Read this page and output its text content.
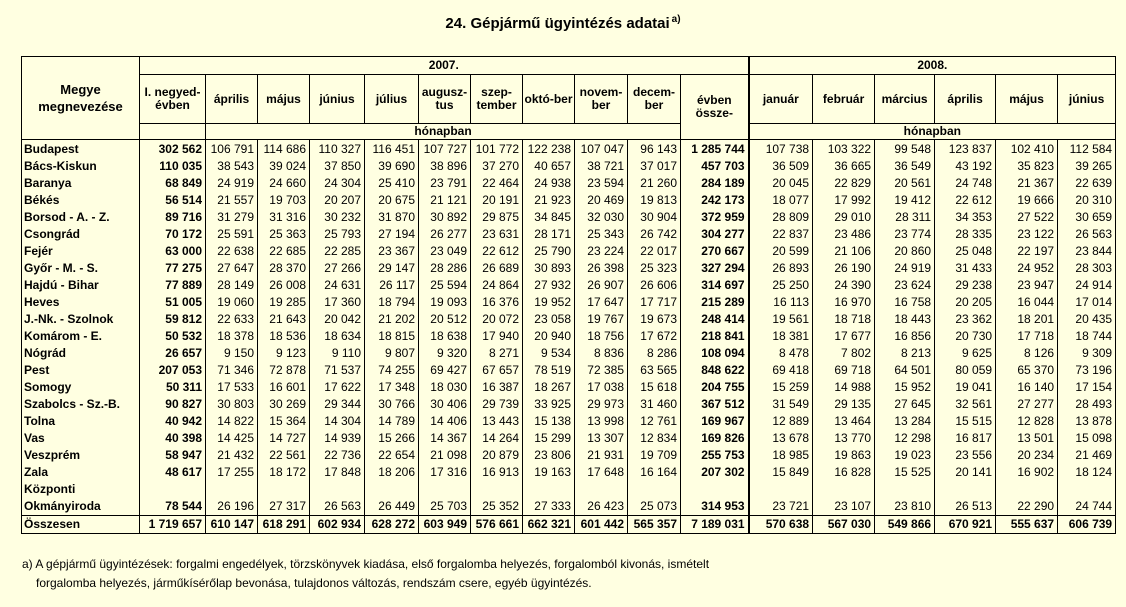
24. Gépjármű ügyintézés adatai $^{a)}$
Megye megnevezése	2007.											2008.					
	I. negyed-évben	április	május	június	július	augusz-tus	szep-tember	októ-ber	novem-ber	decem-ber	évben össze-	január	február	március	április	május	június
		hónapban										hónapban					
Budapest	302 562	106 791	114 686	110 327	116 451	107 727	101 772	122 238	107 047	96 143	1 285 744	107 738	103 322	99 548	123 837	102 410	112 584
Bács-Kiskun	110 035	38 543	39 024	37 850	39 690	38 896	37 270	40 657	38 721	37 017	457 703	36 509	36 665	36 549	43 192	35 823	39 265
Baranya	68 849	24 919	24 660	24 304	25 410	23 791	22 464	24 938	23 594	21 260	284 189	20 045	22 829	20 561	24 748	21 367	22 639
Békés	56 514	21 557	19 703	20 207	20 675	21 121	20 191	21 923	20 469	19 813	242 173	18 077	17 992	19 412	22 612	19 666	20 310
Borsod - A. - Z.	89 716	31 279	31 316	30 232	31 870	30 892	29 875	34 845	32 030	30 904	372 959	28 809	29 010	28 311	34 353	27 522	30 659
Csongrád	70 172	25 591	25 363	25 793	27 194	26 277	23 631	28 171	25 343	26 742	304 277	22 837	23 486	23 774	28 335	23 122	26 563
Fejér	63 000	22 638	22 685	22 285	23 367	23 049	22 612	25 790	23 224	22 017	270 667	20 599	21 106	20 860	25 048	22 197	23 844
Győr - M. - S.	77 275	27 647	28 370	27 266	29 147	28 286	26 689	30 893	26 398	25 323	327 294	26 893	26 190	24 919	31 433	24 952	28 303
Hajdú - Bihar	77 889	28 149	26 008	24 631	26 117	25 594	24 864	27 932	26 907	26 606	314 697	25 250	24 390	23 624	29 238	23 947	24 914
Heves	51 005	19 060	19 285	17 360	18 794	19 093	16 376	19 952	17 647	17 717	215 289	16 113	16 970	16 758	20 205	16 044	17 014
J.-Nk. - Szolnok	59 812	22 633	21 643	20 042	21 202	20 512	20 072	23 058	19 767	19 673	248 414	19 561	18 718	18 443	23 362	18 201	20 435
Komárom - E.	50 532	18 378	18 536	18 634	18 815	18 638	17 940	20 940	18 756	17 672	218 841	18 381	17 677	16 856	20 730	17 718	18 744
Nógrád	26 657	9 150	9 123	9 110	9 807	9 320	8 271	9 534	8 836	8 286	108 094	8 478	7 802	8 213	9 625	8 126	9 309
Pest	207 053	71 346	72 878	71 537	74 255	69 427	67 657	78 519	72 385	63 565	848 622	69 418	69 718	64 501	80 059	65 370	73 196
Somogy	50 311	17 533	16 601	17 622	17 348	18 030	16 387	18 267	17 038	15 618	204 755	15 259	14 988	15 952	19 041	16 140	17 154
Szabolcs - Sz.-B.	90 827	30 803	30 269	29 344	30 766	30 406	29 739	33 925	29 973	31 460	367 512	31 549	29 135	27 645	32 561	27 277	28 493
Tolna	40 942	14 822	15 364	14 304	14 789	14 406	13 443	15 138	13 998	12 761	169 967	12 889	13 464	13 284	15 515	12 828	13 878
Vas	40 398	14 425	14 727	14 939	15 266	14 367	14 264	15 299	13 307	12 834	169 826	13 678	13 770	12 298	16 817	13 501	15 098
Veszprém	58 947	21 432	22 561	22 736	22 654	21 098	20 879	23 806	21 931	19 709	255 753	18 985	19 863	19 023	23 556	20 234	21 469
Zala	48 617	17 255	18 172	17 848	18 206	17 316	16 913	19 163	17 648	16 164	207 302	15 849	16 828	15 525	20 141	16 902	18 124
Központi																	
Okmányiroda	78 544	26 196	27 317	26 563	26 449	25 703	25 352	27 333	26 423	25 073	314 953	23 721	23 107	23 810	26 513	22 290	24 744
Összesen	1 719 657	610 147	618 291	602 934	628 272	603 949	576 661	662 321	601 442	565 357	7 189 031	570 638	567 030	549 866	670 921	555 637	606 739
a) A gépjármű ügyintézések: forgalmi engedélyek, törzskönyvek kiadása, első forgalomba helyezés, forgalomból kivonás, ismételt
forgalomba helyezés, járműkísérőlap bevonása, tulajdonos változás, rendszám csere, egyéb ügyintézés.
